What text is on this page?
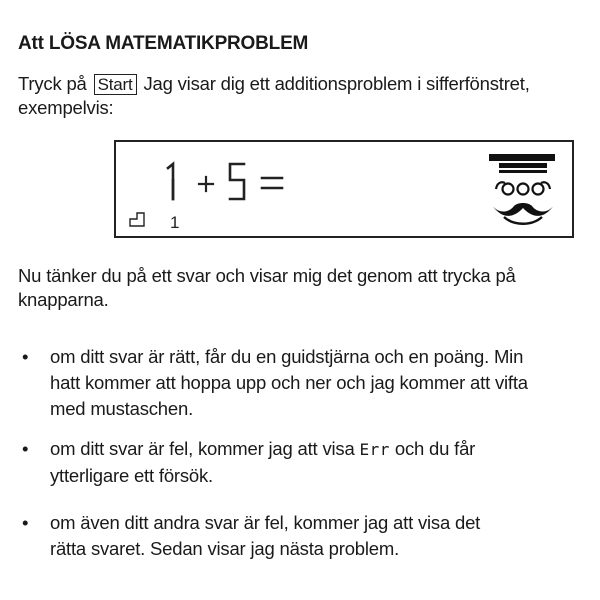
Att LÖSA MATEMATIKPROBLEM
Tryck på Start Jag visar dig ett additionsproblem i sifferfönstret,
exempelvis:
1
Nu tänker du på ett svar och visar mig det genom att trycka på
knapparna.
• om ditt svar är rätt, får du en guidstjärna och en poäng. Min
hatt kommer att hoppa upp och ner och jag kommer att vifta
med mustaschen.
• om ditt svar är fel, kommer jag att visa Err och du får
ytterligare ett försök.
• om även ditt andra svar är fel, kommer jag att visa det
rätta svaret. Sedan visar jag nästa problem.
